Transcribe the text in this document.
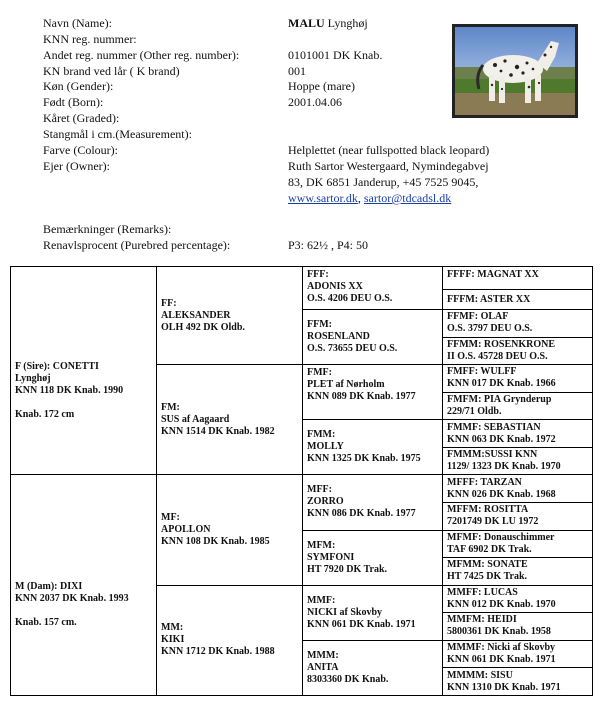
Navn (Name):	MALU Lynghøj
KNN reg. nummer:
Andet reg. nummer (Other reg. number):	0101001 DK Knab.
KN brand ved lår ( K brand)	001
Køn (Gender):	Hoppe (mare)
Født (Born):	2001.04.06
Kåret (Graded):
Stangmål i cm.(Measurement):
Farve (Colour):	Helplettet (near fullspotted black leopard)
Ejer (Owner):	Ruth Sartor Westergaard, Nymindegabvej
83, DK 6851 Janderup, +45 7525 9045,
www.sartor.dk, sartor@tdcadsl.dk
Bemærkninger (Remarks):
Renavlsprocent (Purebred percentage):	P3: 62½ , P4: 50
F (Sire): CONETTI
Lynghøj
KNN 118 DK Knab. 1990

Knab. 172 cm	FF:
ALEKSANDER
OLH 492 DK Oldb.	FFF:
ADONIS XX
O.S. 4206 DEU O.S.	FFFF: MAGNAT XX

			FFFM: ASTER XX

		FFM:
ROSENLAND
O.S. 73655 DEU O.S.	FFMF: OLAF
O.S. 3797 DEU O.S.

			FFMM: ROSENKRONE
II O.S. 45728 DEU O.S.

	FM:
SUS af Aagaard
KNN 1514 DK Knab. 1982	FMF:
PLET af Nørholm
KNN 089 DK Knab. 1977	FMFF: WULFF
KNN 017 DK Knab. 1966

			FMFM: PIA Grynderup
229/71 Oldb.

		FMM:
MOLLY
KNN 1325 DK Knab. 1975	FMMF: SEBASTIAN
KNN 063 DK Knab. 1972

			FMMM:SUSSI KNN
1129/ 1323 DK Knab. 1970

M (Dam): DIXI
KNN 2037 DK Knab. 1993

Knab. 157 cm.	MF:
APOLLON
KNN 108 DK Knab. 1985	MFF:
ZORRO
KNN 086 DK Knab. 1977	MFFF: TARZAN
KNN 026 DK Knab. 1968

			MFFM: ROSITTA
7201749 DK LU 1972

		MFM:
SYMFONI
HT 7920 DK Trak.	MFMF: Donauschimmer
TAF 6902 DK Trak.

			MFMM: SONATE
HT 7425 DK Trak.

	MM:
KIKI
KNN 1712 DK Knab. 1988	MMF:
NICKI af Skovby
KNN 061 DK Knab. 1971	MMFF: LUCAS
KNN 012 DK Knab. 1970

			MMFM: HEIDI
5800361 DK Knab. 1958

		MMM:
ANITA
8303360 DK Knab.	MMMF: Nicki af Skovby
KNN 061 DK Knab. 1971

			MMMM: SISU
KNN 1310 DK Knab. 1971
